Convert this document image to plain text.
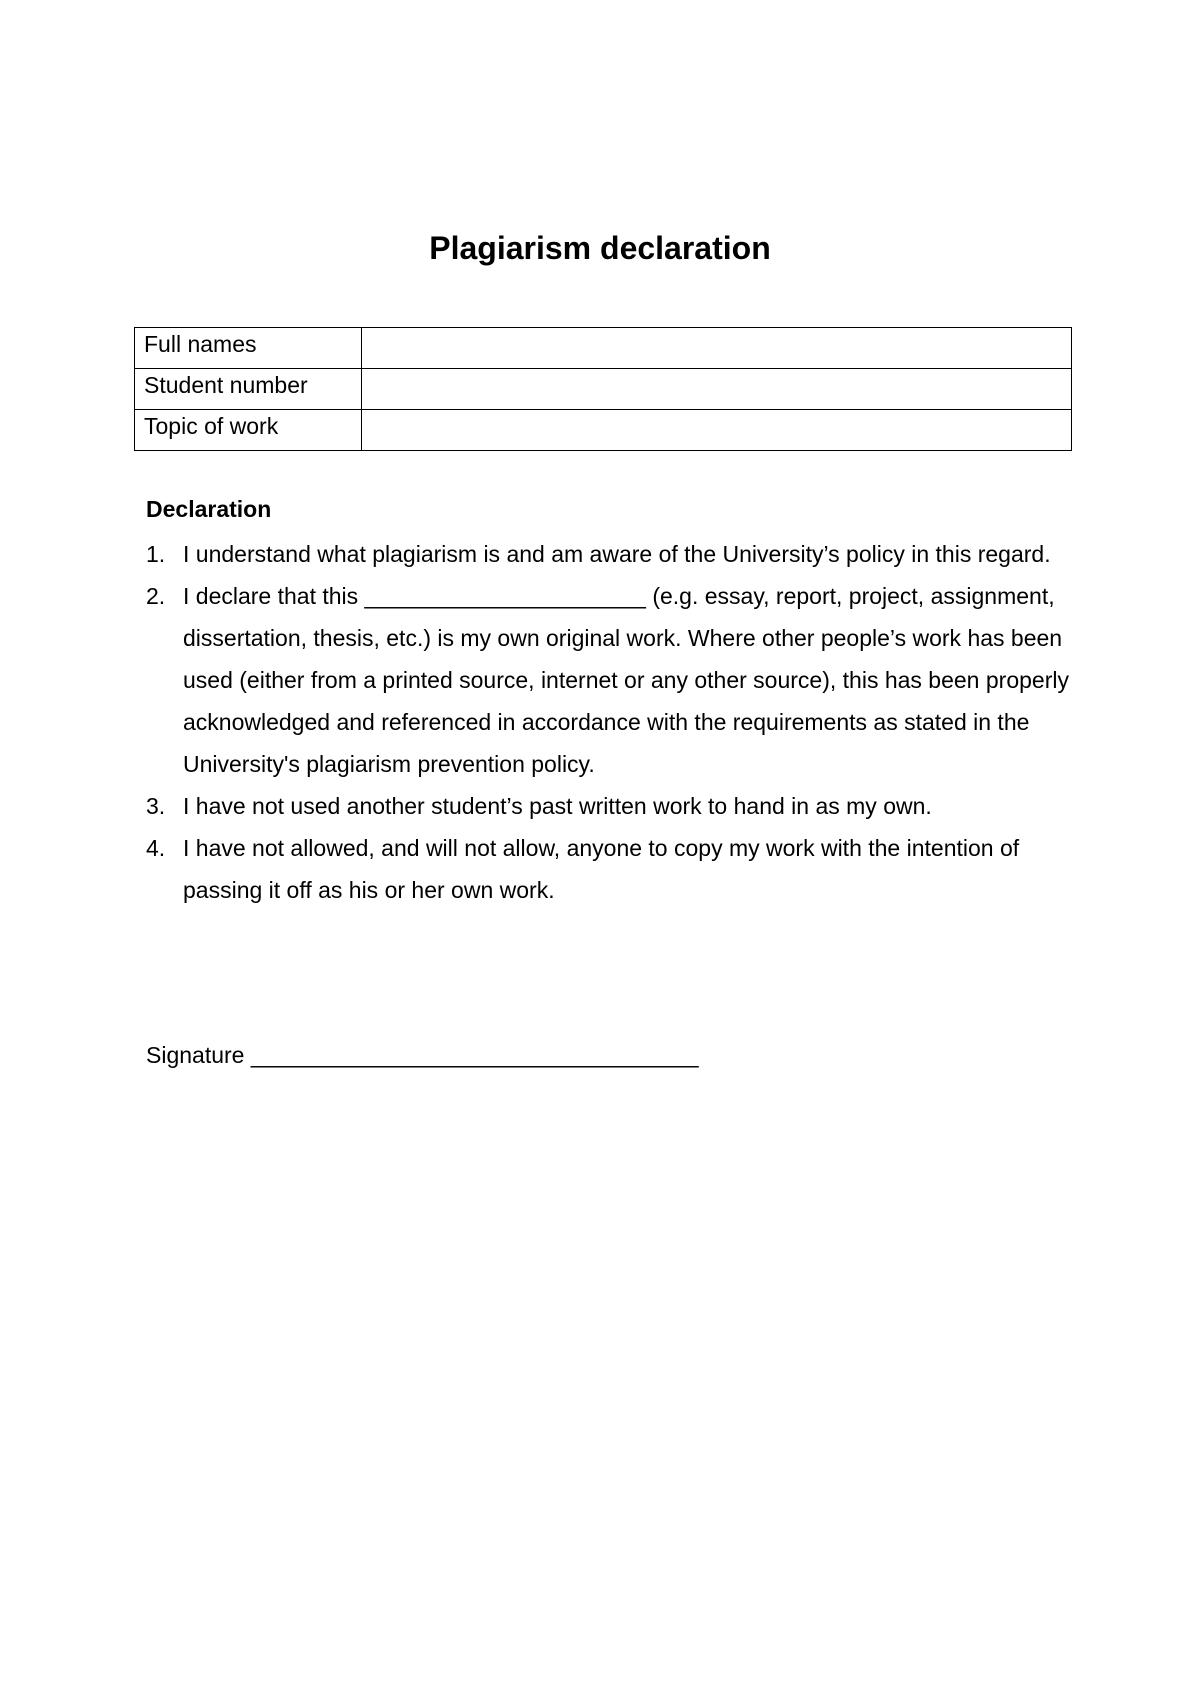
Plagiarism declaration
Full names	
Student number	
Topic of work	
Declaration
1. I understand what plagiarism is and am aware of the University’s policy in this regard.
2. I declare that this ______________________ (e.g. essay, report, project, assignment, dissertation, thesis, etc.) is my own original work. Where other people’s work has been used (either from a printed source, internet or any other source), this has been properly acknowledged and referenced in accordance with the requirements as stated in the University's plagiarism prevention policy.
3. I have not used another student’s past written work to hand in as my own.
4. I have not allowed, and will not allow, anyone to copy my work with the intention of passing it off as his or her own work.

Signature ___________________________________
